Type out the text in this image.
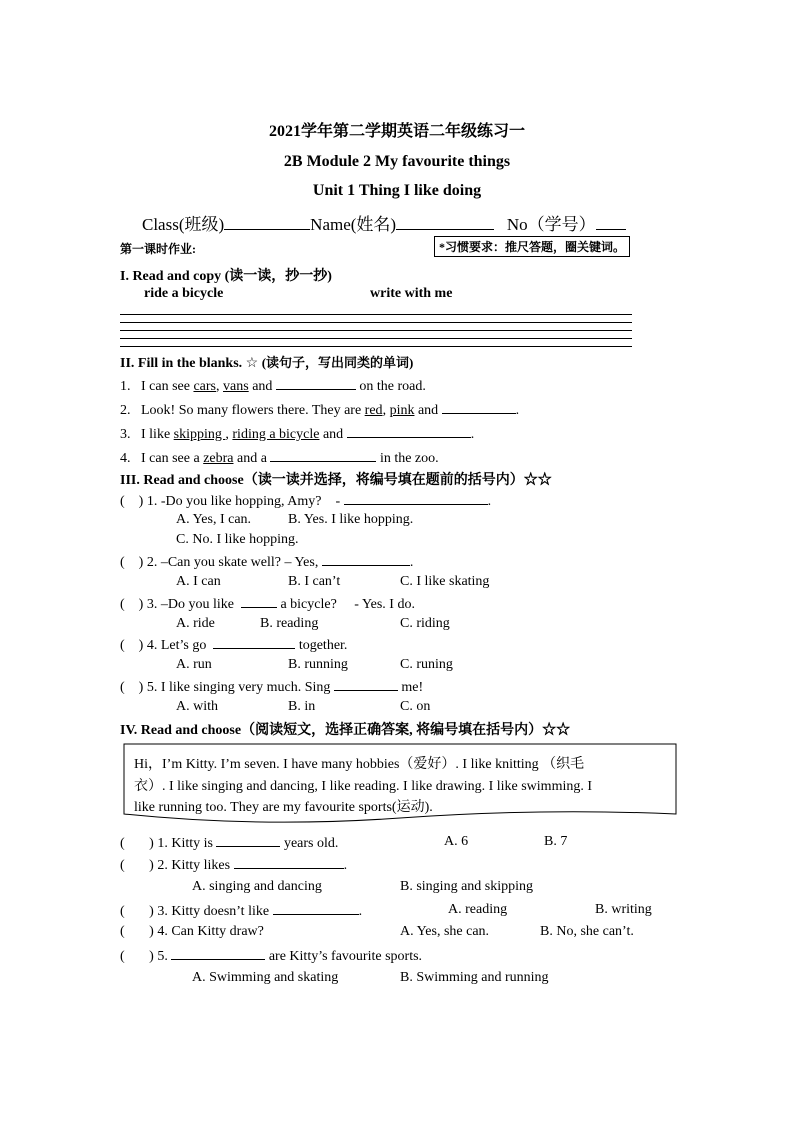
2021学年第二学期英语二年级练习一
2B Module 2 My favourite things
Unit 1 Thing I like doing
Class(班级)	Name(姓名)	No（学号）
第一课时作业:	*习惯要求：推尺答题，圈关键词。
I. Read and copy (读一读，抄一抄)
ride a bicycle	write with me
II. Fill in the blanks. ☆ (读句子，写出同类的单词)
1. I can see cars, vans and	on the road.
2. Look! So many flowers there. They are red, pink and	.
3. I like skipping , riding a bicycle and	.
4. I can see a zebra and a	in the zoo.
III. Read and choose（读一读并选择，将编号填在题前的括号内）☆☆
(    ) 1. -Do you like hopping, Amy? -	.
A. Yes, I can.	B. Yes. I like hopping.
C. No. I like hopping.
(    ) 2. –Can you skate well? – Yes,	.
A. I can	B. I can’t	C. I like skating
(    ) 3. –Do you like	a bicycle? - Yes. I do.
A. ride	B. reading	C. riding
(    ) 4. Let’s go	together.
A. run	B. running	C. runing
(    ) 5. I like singing very much. Sing	me!
A. with	B. in	C. on
IV. Read and choose（阅读短文，选择正确答案, 将编号填在括号内）☆☆
Hi，I’m Kitty. I’m seven. I have many hobbies（爱好）. I like knitting （织毛
衣）. I like singing and dancing, I like reading. I like drawing. I like swimming. I
like running too. They are my favourite sports(运动).
(       ) 1. Kitty is	years old.	A. 6	B. 7
(       ) 2. Kitty likes	.
A. singing and dancing	B. singing and skipping
(       ) 3. Kitty doesn’t like	.	A. reading	B. writing
(       ) 4. Can Kitty draw?	A. Yes, she can.	B. No, she can’t.
(       ) 5.	are Kitty’s favourite sports.
A. Swimming and skating	B. Swimming and running
